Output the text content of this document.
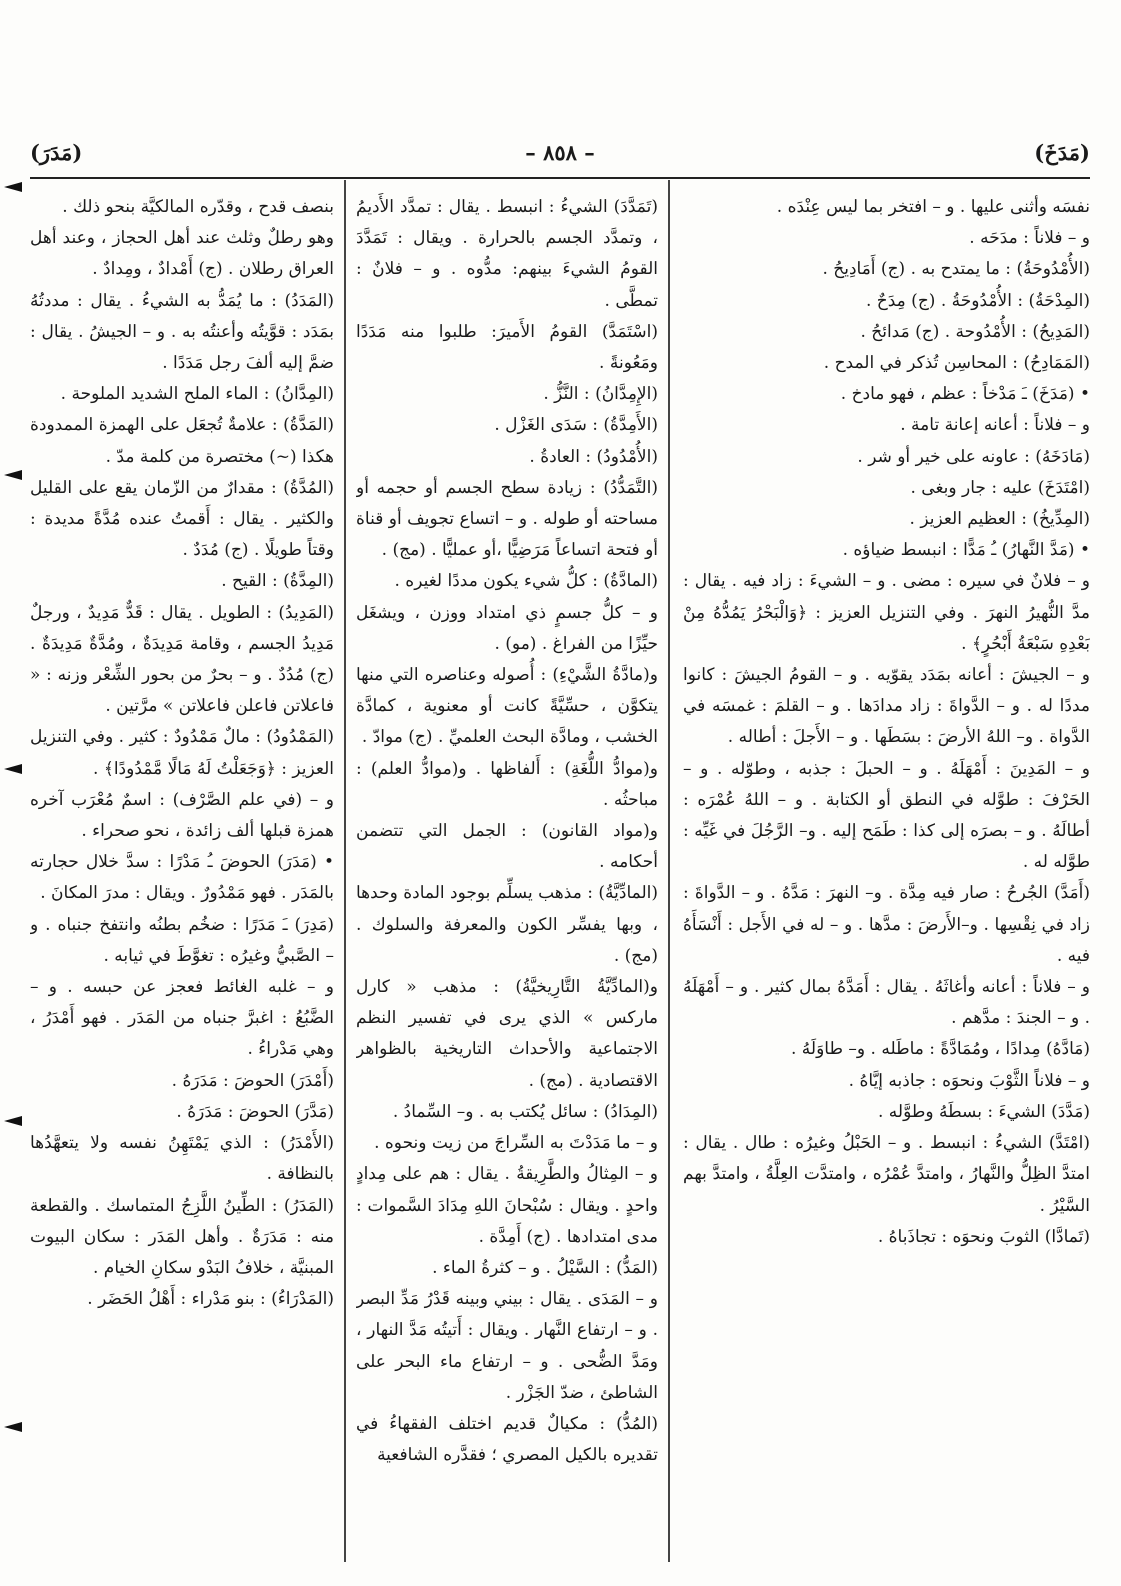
(مَدَخَ)
– ٨٥٨ –
(مَدَرَ)

نفسَه وأثنى عليها . و – افتخر بما ليس عِنْدَه .

و – فلاناً : مدَحَه .

(الأُمْدُوحَةُ) : ما يمتدح به . (ج) أَمَادِيحُ .

(المِدْحَةُ) : الأُمْدُوحَةُ . (ج) مِدَحٌ .

(المَدِيحُ) : الأُمْدُوحة . (ج) مَدائحُ .

(المَمَادِحُ) : المحاسِن تُذكر في المدح .

• (مَدَخَ) ـَ مَدْخاً : عظم ، فهو مادخ .

و – فلاناً : أعانه إعانة تامة .

(مَادَخَهُ) : عاونه على خير أو شر .

(امْتَدَخَ) عليه : جار وبغى .

(المِدِّيخُ) : العظيم العزيز .

• (مَدَّ النَّهارُ) ـُ مَدًّا : انبسط ضياؤه .

و – فلانٌ في سيره : مضى . و – الشيءَ : زاد فيه . يقال : مدَّ النُّهيرُ النهرَ . وفي التنزيل العزيز : ﴿وَالْبَحْرُ يَمُدُّهُ مِنْ بَعْدِهِ سَبْعَةُ أَبْحُرٍ﴾ .

و – الجيشَ : أعانه بمَدَد يقوّيه . و – القومُ الجيشَ : كانوا مددًا له . و – الدَّواةَ : زاد مدادَها . و – القلمَ : غمسَه في الدَّواة . و– اللهُ الأرضَ : بسَطَها . و – الأَجلَ : أطاله .

و – المَدِينَ : أَمْهَلَهُ . و – الحبلَ : جذبه ، وطوّله . و – الحَرْفَ : طوَّله في النطق أو الكتابة . و – اللهُ عُمْرَه : أطالَهُ . و – بصرَه إلى كذا : طَمَح إليه . و– الرَّجُلَ في غَيِّه : طوَّله له .

(أَمَدَّ) الجُرحُ : صار فيه مِدَّة . و– النهرَ : مَدَّهُ . و – الدَّواةَ : زاد في نِقْسِها . و–الأَرضَ : مدَّها . و – له في الأَجل : أَنْسَأَهُ فيه .

و – فلاناً : أعانه وأغاثَهُ . يقال : أَمَدَّهُ بمال كثير . و – أَمْهَلَهُ . و – الجندَ : مدَّهم .

(مَادَّهُ) مِدادًا ، ومُمَادَّةً : ماطَله . و– طاوَلَهُ .

و – فلاناً الثَّوْبَ ونحوَه : جاذبه إيَّاهُ .

(مَدَّدَ) الشيءَ : بسطَهُ وطوَّله .

(امْتَدَّ) الشيءُ : انبسط . و – الحَبْلُ وغيرُه : طال . يقال : امتدَّ الظِلُّ والنَّهارُ ، وامتدَّ عُمْرُه ، وامتدَّت العِلَّةُ ، وامتدَّ بهم السَّيْرُ .

(تَمادَّا) الثوبَ ونحوَه : تجاذَباهُ .

(تَمَدَّدَ) الشيءُ : انبسط . يقال : تمدَّد الأَديمُ ، وتمدَّد الجسم بالحرارة . ويقال : تَمَدَّدَ القومُ الشيءَ بينهم: مدُّوه . و – فلانٌ : تمطَّى .

(اسْتَمَدَّ) القومُ الأَميرَ: طلبوا منه مَدَدًا ومَعُونةً .

(الإِمِدَّانُ) : النَّزُّ .

(الأَمِدَّةُ) : سَدَى الغَزْل .

(الأُمْدُودُ) : العادةُ .

(التَّمَدُّدُ) : زيادة سطح الجسم أو حجمه أو مساحته أو طوله . و – اتساع تجويف أو قناة أو فتحة اتساعاً مَرَضِيًّا ،أو عمليًّا . (مج) .

(المادَّةُ) : كلُّ شيء يكون مددًا لغيره .

و – كلُّ جسمٍ ذي امتداد ووزن ، ويشغَل حيِّزًا من الفراغ . (مو) .

و(مادَّةُ الشَّيْءِ) : أُصوله وعناصره التي منها يتكوَّن ، حسِّيَّةً كانت أو معنوية ، كمادَّة الخشب ، ومادَّة البحث العلميِّ . (ج) موادّ .

و(موادُّ اللُّغَةِ) : أَلفاظها . و(موادُّ العلم) : مباحثُه .

و(مواد القانون) : الجمل التي تتضمن أحكامه .

(المادِّيَّةُ) : مذهب يسلِّم بوجود المادة وحدها ، وبها يفسِّر الكون والمعرفة والسلوك . (مج) .

و(المادِّيَّةُ التَّارِيخيَّةُ) : مذهب « كارل ماركس » الذي يرى في تفسير النظم الاجتماعية والأحداث التاريخية بالظواهر الاقتصادية . (مج) .

(المِدَادُ) : سائل يُكتب به . و– السِّمادُ .

و – ما مَدَدْتَ به السِّراجَ من زيت ونحوه .

و – المِثالُ والطَّرِيقةُ . يقال : هم على مِدادٍ واحدٍ . ويقال : سُبْحانَ اللهِ مِدَادَ السَّموات : مدى امتدادها . (ج) أَمِدَّة .

(المَدُّ) : السَّيْلُ . و – كثرةُ الماء .

و – المَدَى . يقال : بيني وبينه قَدْرُ مَدِّ البصر . و – ارتفاع النَّهار . ويقال : أَتيتُه مَدَّ النهار ، ومَدَّ الضُّحى . و – ارتفاع ماء البحر على الشاطئ ، ضدّ الجَزْر .

(المُدُّ) : مكيالٌ قديم اختلف الفقهاءُ في تقديره بالكيل المصري ؛ فقدَّره الشافعية

بنصف قدح ، وقدّره المالكيَّة بنحو ذلك .

وهو رطلٌ وثلث عند أهل الحجاز ، وعند أهل العراق رطلان . (ج) أَمْدادٌ ، ومِدادٌ .

(المَدَدُ) : ما يُمَدُّ به الشيءُ . يقال : مددتُهُ بمَدَد : قوَّيتُه وأعنتُه به . و – الجيشُ . يقال : ضمَّ إليه ألفَ رجل مَدَدًا .

(المِدَّانُ) : الماء الملح الشديد الملوحة .

(المَدَّةُ) : علامةٌ تُجعَل على الهمزة الممدودة هكذا (~) مختصرة من كلمة مدّ .

(المُدَّةُ) : مقدارٌ من الزّمان يقع على القليل والكثير . يقال : أَقمتُ عنده مُدَّةً مديدة : وقتاً طويلًا . (ج) مُدَدٌ .

(المِدَّةُ) : القيح .

(المَدِيدُ) : الطويل . يقال : قَدٌّ مَدِيدٌ ، ورجلٌ مَدِيدُ الجسم ، وقامة مَدِيدَةٌ ، ومُدَّةٌ مَدِيدَةٌ . (ج) مُدُدٌ . و – بحرٌ من بحور الشِّعْر وزنه : « فاعلاتن فاعلن فاعلاتن » مرَّتين .

(المَمْدُودُ) : مالٌ مَمْدُودٌ : كثير . وفي التنزيل العزيز : ﴿وَجَعَلْتُ لَهُ مَالًا مَّمْدُودًا﴾ .

و – (في علم الصَّرْف) : اسمٌ مُعْرَب آخره همزة قبلها ألف زائدة ، نحو صحراء .

• (مَدَرَ) الحوضَ ـُ مَدْرًا : سدَّ خلال حجارته بالمَدَر . فهو مَمْدُورٌ . ويقال : مدرَ المكانَ .

(مَدِرَ) ـَ مَدَرًا : ضخُم بطنُه وانتفخ جنباه . و – الصَّبيُّ وغيرُه : تغوَّطَ في ثيابه .

و – غلبه الغائط فعجز عن حبسه . و – الضَّبُعُ : اغبرَّ جنباه من المَدَر . فهو أَمْدَرُ ، وهي مَدْراءُ .

(أَمْدَرَ) الحوضَ : مَدَرَهُ .

(مَدَّرَ) الحوضَ : مَدَرَهُ .

(الأَمْدَرُ) : الذي يَمْتَهِنُ نفسه ولا يتعهَّدُها بالنظافة .

(المَدَرُ) : الطِّينُ اللَّزِجُ المتماسك . والقطعة منه : مَدَرَةٌ . وأهل المَدَر : سكان البيوت المبنيَّة ، خلافُ البَدْو سكانِ الخيام .

(المَدْرَاءُ) : بنو مَدْراء : أَهْلُ الحَضَر .
